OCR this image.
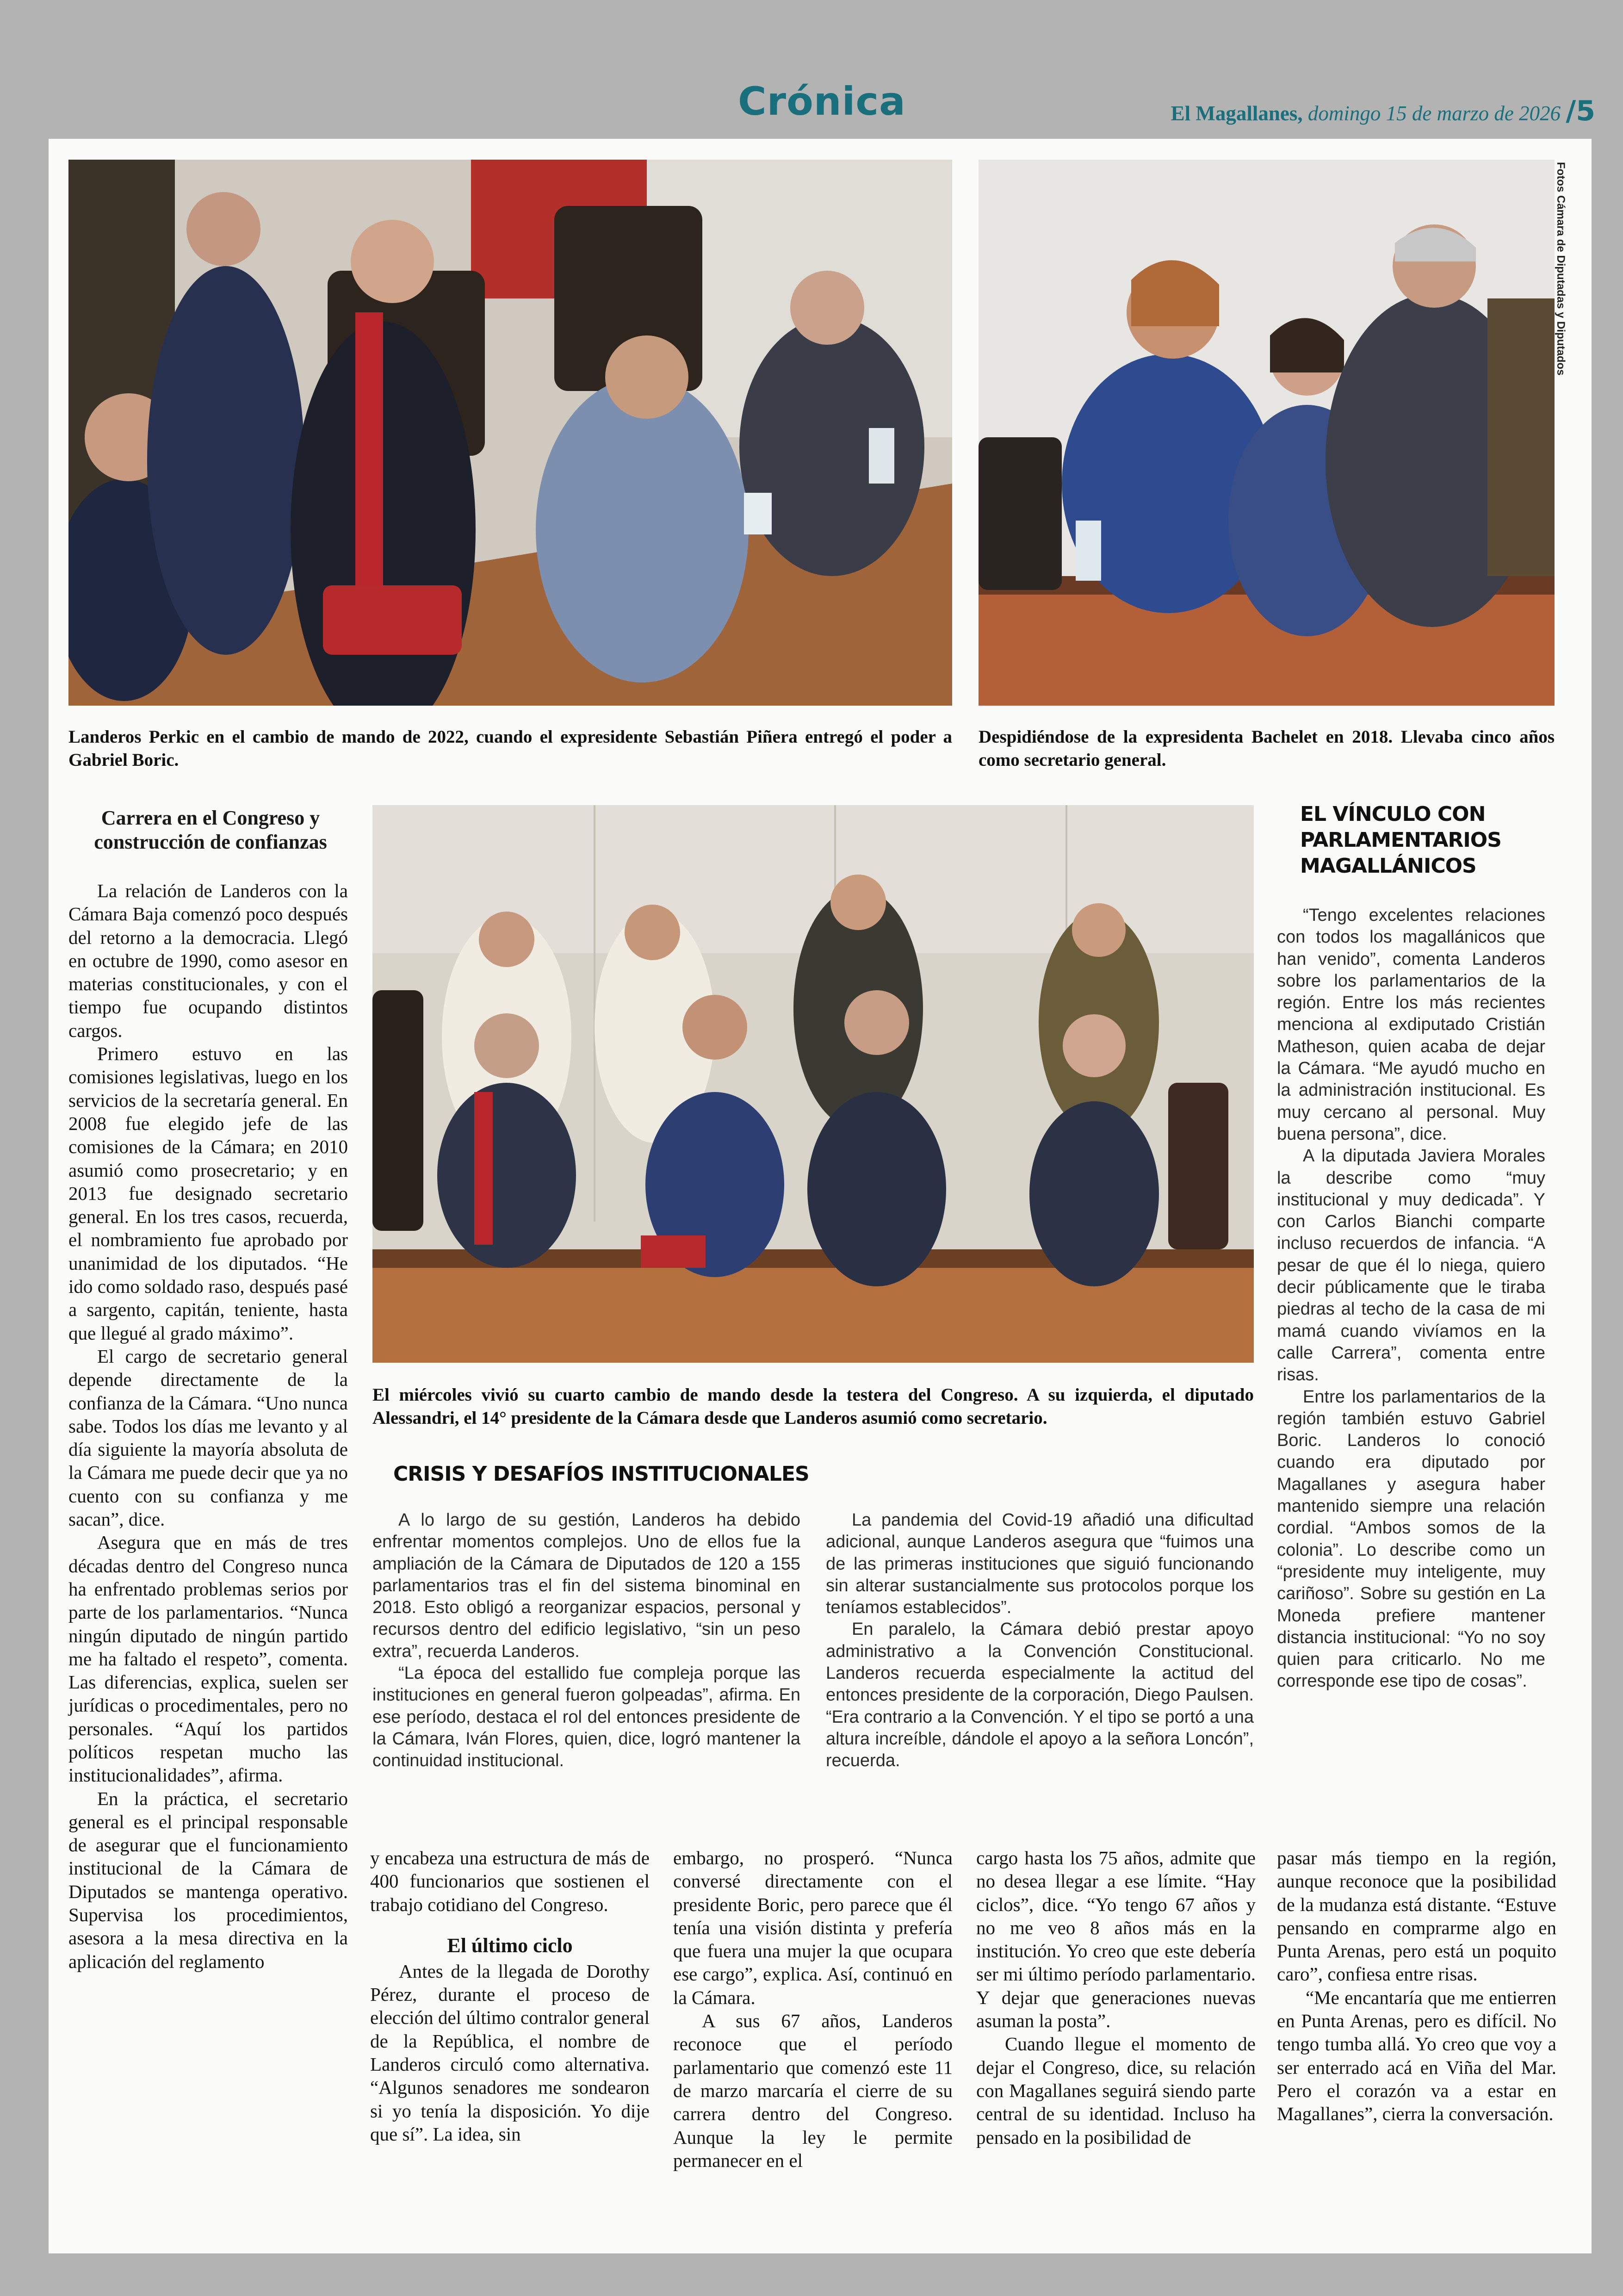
Crónica	El Magallanes, domingo 15 de marzo de 2026 /5
Fotos Cámara de Diputadas y Diputados
Landeros Perkic en el cambio de mando de 2022, cuando el expresidente Sebastián Piñera entregó el poder a Gabriel Boric.
Despidiéndose de la expresidenta Bachelet en 2018. Llevaba cinco años como secretario general.
Carrera en el Congreso y construcción de confianzas

La relación de Landeros con la Cámara Baja comenzó poco después del retorno a la democracia. Llegó en octubre de 1990, como asesor en materias constitucionales, y con el tiempo fue ocupando distintos cargos.

Primero estuvo en las comisiones legislativas, luego en los servicios de la secretaría general. En 2008 fue elegido jefe de las comisiones de la Cámara; en 2010 asumió como prosecretario; y en 2013 fue designado secretario general. En los tres casos, recuerda, el nombramiento fue aprobado por unanimidad de los diputados. “He ido como soldado raso, después pasé a sargento, capitán, teniente, hasta que llegué al grado máximo”.

El cargo de secretario general depende directamente de la confianza de la Cámara. “Uno nunca sabe. Todos los días me levanto y al día siguiente la mayoría absoluta de la Cámara me puede decir que ya no cuento con su confianza y me sacan”, dice.

Asegura que en más de tres décadas dentro del Congreso nunca ha enfrentado problemas serios por parte de los parlamentarios. “Nunca ningún diputado de ningún partido me ha faltado el respeto”, comenta. Las diferencias, explica, suelen ser jurídicas o procedimentales, pero no personales. “Aquí los partidos políticos respetan mucho las institucionalidades”, afirma.

En la práctica, el secretario general es el principal responsable de asegurar que el funcionamiento institucional de la Cámara de Diputados se mantenga operativo. Supervisa los procedimientos, asesora a la mesa directiva en la aplicación del reglamento

El miércoles vivió su cuarto cambio de mando desde la testera del Congreso. A su izquierda, el diputado Alessandri, el 14° presidente de la Cámara desde que Landeros asumió como secretario.
EL VÍNCULO CON PARLAMENTARIOS MAGALLÁNICOS

“Tengo excelentes relaciones con todos los magallánicos que han venido”, comenta Landeros sobre los parlamentarios de la región. Entre los más recientes menciona al exdiputado Cristián Matheson, quien acaba de dejar la Cámara. “Me ayudó mucho en la administración institucional. Es muy cercano al personal. Muy buena persona”, dice.

A la diputada Javiera Morales la describe como “muy institucional y muy dedicada”. Y con Carlos Bianchi comparte incluso recuerdos de infancia. “A pesar de que él lo niega, quiero decir públicamente que le tiraba piedras al techo de la casa de mi mamá cuando vivíamos en la calle Carrera”, comenta entre risas.

Entre los parlamentarios de la región también estuvo Gabriel Boric. Landeros lo conoció cuando era diputado por Magallanes y asegura haber mantenido siempre una relación cordial. “Ambos somos de la colonia”. Lo describe como un “presidente muy inteligente, muy cariñoso”. Sobre su gestión en La Moneda prefiere mantener distancia institucional: “Yo no soy quien para criticarlo. No me corresponde ese tipo de cosas”.

CRISIS Y DESAFÍOS INSTITUCIONALES

A lo largo de su gestión, Landeros ha debido enfrentar momentos complejos. Uno de ellos fue la ampliación de la Cámara de Diputados de 120 a 155 parlamentarios tras el fin del sistema binominal en 2018. Esto obligó a reorganizar espacios, personal y recursos dentro del edificio legislativo, “sin un peso extra”, recuerda Landeros.

“La época del estallido fue compleja porque las instituciones en general fueron golpeadas”, afirma. En ese período, destaca el rol del entonces presidente de la Cámara, Iván Flores, quien, dice, logró mantener la continuidad institucional.

La pandemia del Covid-19 añadió una dificultad adicional, aunque Landeros asegura que “fuimos una de las primeras instituciones que siguió funcionando sin alterar sustancialmente sus protocolos porque los teníamos establecidos”.

En paralelo, la Cámara debió prestar apoyo administrativo a la Convención Constitucional. Landeros recuerda especialmente la actitud del entonces presidente de la corporación, Diego Paulsen. “Era contrario a la Convención. Y el tipo se portó a una altura increíble, dándole el apoyo a la señora Loncón”, recuerda.

y encabeza una estructura de más de 400 funcionarios que sostienen el trabajo cotidiano del Congreso.

El último ciclo

Antes de la llegada de Dorothy Pérez, durante el proceso de elección del último contralor general de la República, el nombre de Landeros circuló como alternativa. “Algunos senadores me sondearon si yo tenía la disposición. Yo dije que sí”. La idea, sin

embargo, no prosperó. “Nunca conversé directamente con el presidente Boric, pero parece que él tenía una visión distinta y prefería que fuera una mujer la que ocupara ese cargo”, explica. Así, continuó en la Cámara.

A sus 67 años, Landeros reconoce que el período parlamentario que comenzó este 11 de marzo marcaría el cierre de su carrera dentro del Congreso. Aunque la ley le permite permanecer en el

cargo hasta los 75 años, admite que no desea llegar a ese límite. “Hay ciclos”, dice. “Yo tengo 67 años y no me veo 8 años más en la institución. Yo creo que este debería ser mi último período parlamentario. Y dejar que generaciones nuevas asuman la posta”.

Cuando llegue el momento de dejar el Congreso, dice, su relación con Magallanes seguirá siendo parte central de su identidad. Incluso ha pensado en la posibilidad de

pasar más tiempo en la región, aunque reconoce que la posibilidad de la mudanza está distante. “Estuve pensando en comprarme algo en Punta Arenas, pero está un poquito caro”, confiesa entre risas.

“Me encantaría que me entierren en Punta Arenas, pero es difícil. No tengo tumba allá. Yo creo que voy a ser enterrado acá en Viña del Mar. Pero el corazón va a estar en Magallanes”, cierra la conversación.
